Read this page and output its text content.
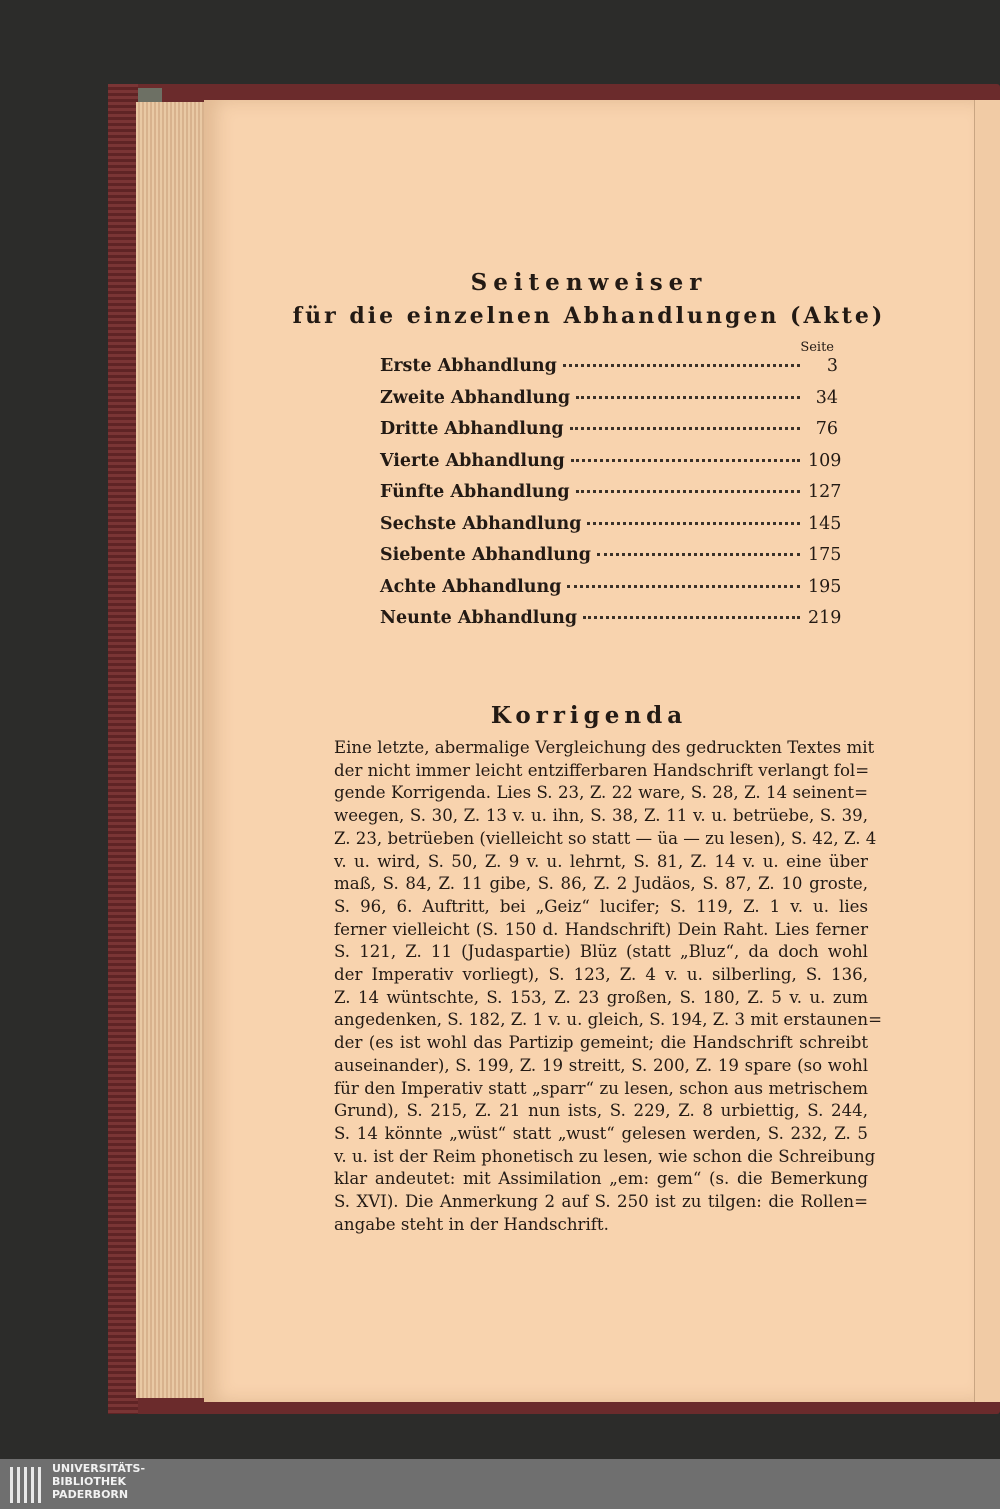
Seitenweiser
für die einzelnen Abhandlungen (Akte)
Seite
Erste Abhandlung	3
Zweite Abhandlung	34
Dritte Abhandlung	76
Vierte Abhandlung	109
Fünfte Abhandlung	127
Sechste Abhandlung	145
Siebente Abhandlung	175
Achte Abhandlung	195
Neunte Abhandlung	219
Korrigenda
Eine letzte, abermalige Vergleichung des gedruckten Textes mit
der nicht immer leicht entzifferbaren Handschrift verlangt fol=
gende Korrigenda. Lies S. 23, Z. 22 ware, S. 28, Z. 14 seinent=
weegen, S. 30, Z. 13 v. u. ihn, S. 38, Z. 11 v. u. betrüebe, S. 39,
Z. 23, betrüeben (vielleicht so statt — üa — zu lesen), S. 42, Z. 4
v. u. wird, S. 50, Z. 9 v. u. lehrnt, S. 81, Z. 14 v. u. eine über
maß, S. 84, Z. 11 gibe, S. 86, Z. 2 Judäos, S. 87, Z. 10 groste,
S. 96, 6. Auftritt, bei „Geiz“ lucifer; S. 119, Z. 1 v. u. lies
ferner vielleicht (S. 150 d. Handschrift) Dein Raht. Lies ferner
S. 121, Z. 11 (Judaspartie) Blüz (statt „Bluz“, da doch wohl
der Imperativ vorliegt), S. 123, Z. 4 v. u. silberling, S. 136,
Z. 14 wüntschte, S. 153, Z. 23 großen, S. 180, Z. 5 v. u. zum
angedenken, S. 182, Z. 1 v. u. gleich, S. 194, Z. 3 mit erstaunen=
der (es ist wohl das Partizip gemeint; die Handschrift schreibt
auseinander), S. 199, Z. 19 streitt, S. 200, Z. 19 spare (so wohl
für den Imperativ statt „sparr“ zu lesen, schon aus metrischem
Grund), S. 215, Z. 21 nun ists, S. 229, Z. 8 urbiettig, S. 244,
S. 14 könnte „wüst“ statt „wust“ gelesen werden, S. 232, Z. 5
v. u. ist der Reim phonetisch zu lesen, wie schon die Schreibung
klar andeutet: mit Assimilation „em: gem“ (s. die Bemerkung
S. XVI). Die Anmerkung 2 auf S. 250 ist zu tilgen: die Rollen=
angabe steht in der Handschrift.
UNIVERSITÄTS-
BIBLIOTHEK
PADERBORN
